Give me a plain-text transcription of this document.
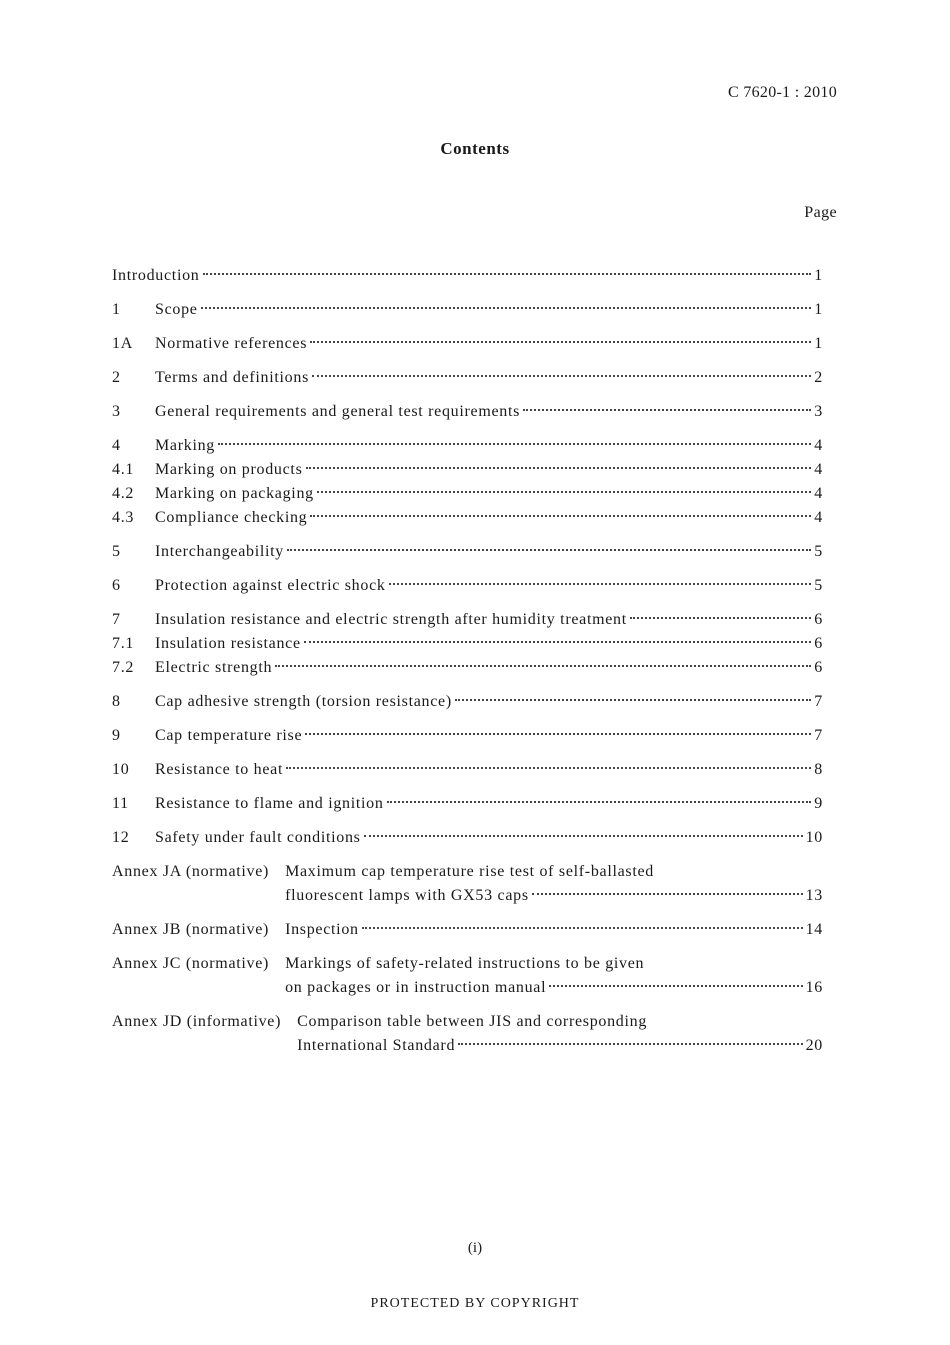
C 7620-1 : 2010
Contents
Page
Introduction	1
1	Scope	1
1A	Normative references	1
2	Terms and definitions	2
3	General requirements and general test requirements	3
4	Marking	4
4.1	Marking on products	4
4.2	Marking on packaging	4
4.3	Compliance checking	4
5	Interchangeability	5
6	Protection against electric shock	5
7	Insulation resistance and electric strength after humidity treatment	6
7.1	Insulation resistance	6
7.2	Electric strength	6
8	Cap adhesive strength (torsion resistance)	7
9	Cap temperature rise	7
10	Resistance to heat	8
11	Resistance to flame and ignition	9
12	Safety under fault conditions	10
Annex JA (normative)	Maximum cap temperature rise test of self-ballasted
fluorescent lamps with GX53 caps	13
Annex JB (normative)	Inspection	14
Annex JC (normative)	Markings of safety-related instructions to be given
on packages or in instruction manual	16
Annex JD (informative)	Comparison table between JIS and corresponding
International Standard	20
(i)
PROTECTED BY COPYRIGHT
